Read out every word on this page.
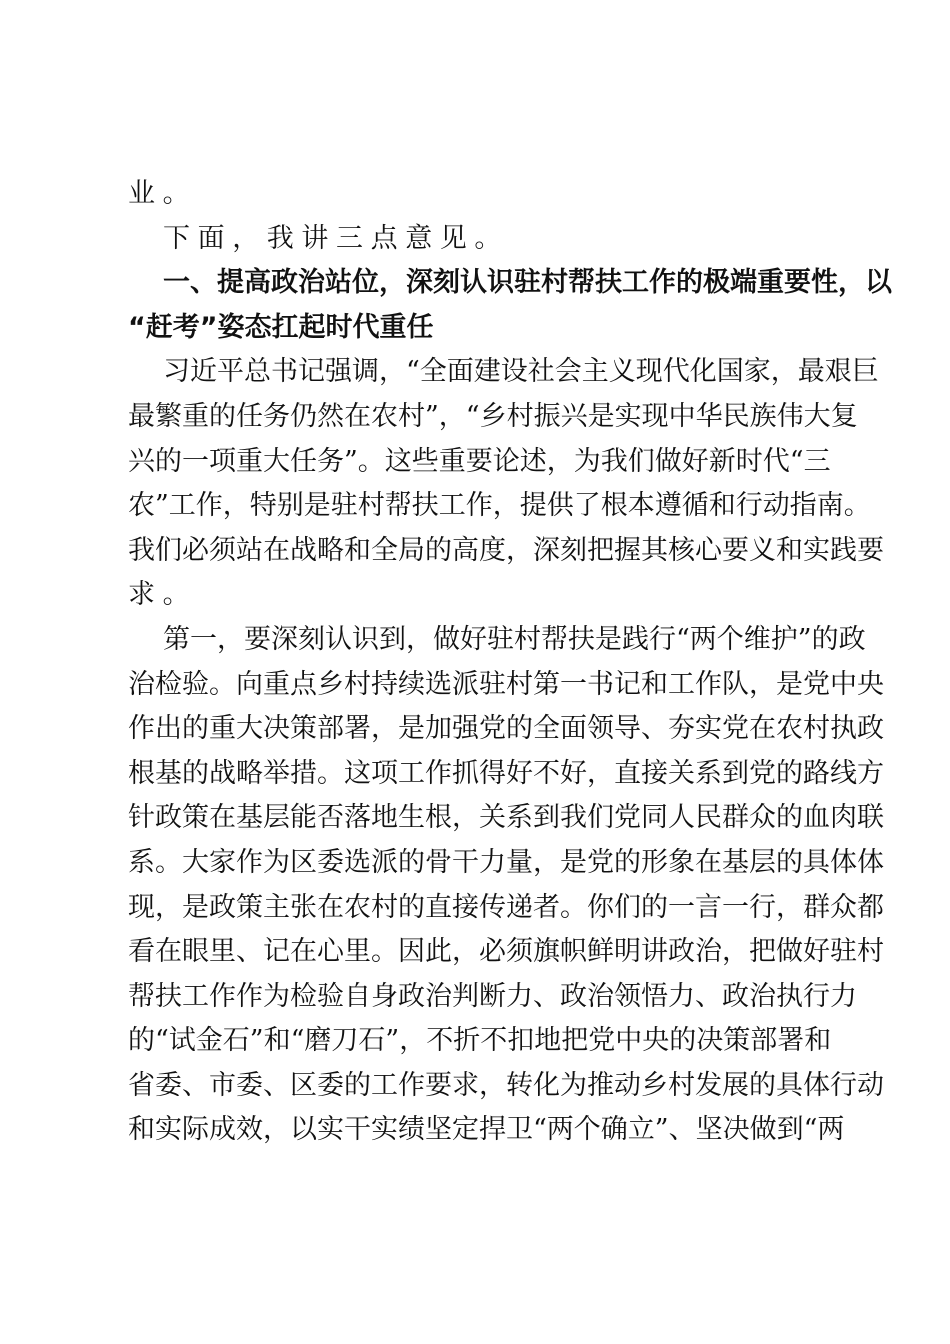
业。
下面，我讲三点意见。
一、提高政治站位，深刻认识驻村帮扶工作的极端重要性，以
“赶考”姿态扛起时代重任
习近平总书记强调，“全面建设社会主义现代化国家，最艰巨
最繁重的任务仍然在农村”，“乡村振兴是实现中华民族伟大复
兴的一项重大任务”。这些重要论述，为我们做好新时代“三
农”工作，特别是驻村帮扶工作，提供了根本遵循和行动指南。
我们必须站在战略和全局的高度，深刻把握其核心要义和实践要
求。
第一，要深刻认识到，做好驻村帮扶是践行“两个维护”的政
治检验。向重点乡村持续选派驻村第一书记和工作队，是党中央
作出的重大决策部署，是加强党的全面领导、夯实党在农村执政
根基的战略举措。这项工作抓得好不好，直接关系到党的路线方
针政策在基层能否落地生根，关系到我们党同人民群众的血肉联
系。大家作为区委选派的骨干力量，是党的形象在基层的具体体
现，是政策主张在农村的直接传递者。你们的一言一行，群众都
看在眼里、记在心里。因此，必须旗帜鲜明讲政治，把做好驻村
帮扶工作作为检验自身政治判断力、政治领悟力、政治执行力
的“试金石”和“磨刀石”，不折不扣地把党中央的决策部署和
省委、市委、区委的工作要求，转化为推动乡村发展的具体行动
和实际成效，以实干实绩坚定捍卫“两个确立”、坚决做到“两
